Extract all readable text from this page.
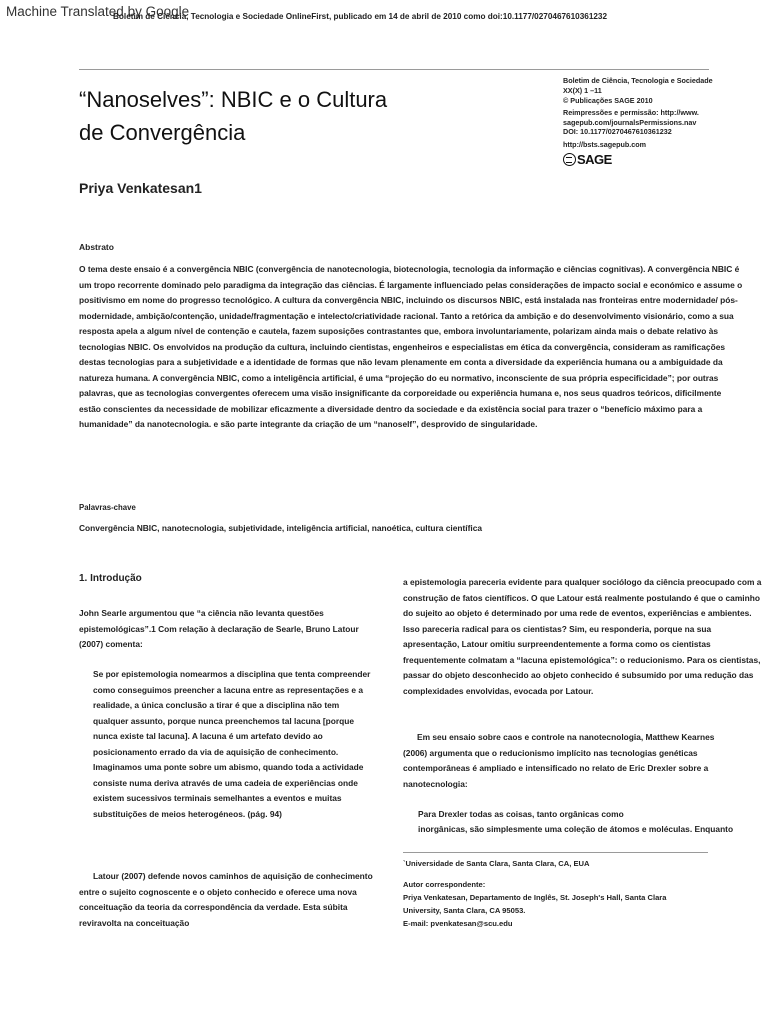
Machine Translated by Google
Boletim de Ciência, Tecnologia e Sociedade OnlineFirst, publicado em 14 de abril de 2010 como doi:10.1177/0270467610361232
“Nanoselves”: NBIC e o Cultura de Convergência
Priya Venkatesan1
Boletim de Ciência, Tecnologia e Sociedade
XX(X) 1 –11
© Publicações SAGE 2010
Reimpressões e permissão: http://www.
sagepub.com/journalsPermissions.nav
DOI: 10.1177/0270467610361232
http://bsts.sagepub.com
SAGE
Abstrato

O tema deste ensaio é a convergência NBIC (convergência de nanotecnologia, biotecnologia, tecnologia da informação e ciências cognitivas). A convergência NBIC é um tropo recorrente dominado pelo paradigma da integração das ciências. É largamente influenciado pelas considerações de impacto social e económico e assume o positivismo em nome do progresso tecnológico. A cultura da convergência NBIC, incluindo os discursos NBIC, está instalada nas fronteiras entre modernidade/ pós-modernidade, ambição/contenção, unidade/fragmentação e intelecto/criatividade racional. Tanto a retórica da ambição e do desenvolvimento visionário, como a sua resposta apela a algum nível de contenção e cautela, fazem suposições contrastantes que, embora involuntariamente, polarizam ainda mais o debate relativo às tecnologias NBIC. Os envolvidos na produção da cultura, incluindo cientistas, engenheiros e especialistas em ética da convergência, consideram as ramificações destas tecnologias para a subjetividade e a identidade de formas que não levam plenamente em conta a diversidade da experiência humana ou a ambiguidade da natureza humana. A convergência NBIC, como a inteligência artificial, é uma “projeção do eu normativo, inconsciente de sua própria especificidade”; por outras palavras, que as tecnologias convergentes oferecem uma visão insignificante da corporeidade ou experiência humana e, nos seus quadros teóricos, dificilmente estão conscientes da necessidade de mobilizar eficazmente a diversidade dentro da sociedade e da existência social para trazer o “benefício máximo para a humanidade” da nanotecnologia. e são parte integrante da criação de um “nanoself”, desprovido de singularidade.

Palavras-chave

Convergência NBIC, nanotecnologia, subjetividade, inteligência artificial, nanoética, cultura científica

1. Introdução

John Searle argumentou que “a ciência não levanta questões epistemológicas”.1 Com relação à declaração de Searle, Bruno Latour (2007) comenta:

Se por epistemologia nomearmos a disciplina que tenta compreender como conseguimos preencher a lacuna entre as representações e a realidade, a única conclusão a tirar é que a disciplina não tem qualquer assunto, porque nunca preenchemos tal lacuna [porque nunca existe tal lacuna]. A lacuna é um artefato devido ao posicionamento errado da via de aquisição de conhecimento. Imaginamos uma ponte sobre um abismo, quando toda a actividade consiste numa deriva através de uma cadeia de experiências onde existem sucessivos terminais semelhantes a eventos e muitas substituições de meios heterogéneos. (pág. 94)

Latour (2007) defende novos caminhos de aquisição de conhecimento entre o sujeito cognoscente e o objeto conhecido e oferece uma nova conceituação da teoria da correspondência da verdade. Esta súbita reviravolta na conceituação

a epistemologia pareceria evidente para qualquer sociólogo da ciência preocupado com a construção de fatos científicos. O que Latour está realmente postulando é que o caminho do sujeito ao objeto é determinado por uma rede de eventos, experiências e ambientes. Isso pareceria radical para os cientistas? Sim, eu responderia, porque na sua apresentação, Latour omitiu surpreendentemente a forma como os cientistas frequentemente colmatam a “lacuna epistemológica”: o reducionismo. Para os cientistas, passar do objeto desconhecido ao objeto conhecido é subsumido por uma redução das complexidades envolvidas, evocada por Latour.

Em seu ensaio sobre caos e controle na nanotecnologia, Matthew Kearnes (2006) argumenta que o reducionismo implícito nas tecnologias genéticas contemporâneas é ampliado e intensificado no relato de Eric Drexler sobre a nanotecnologia:

Para Drexler todas as coisas, tanto orgânicas como
inorgânicas, são simplesmente uma coleção de átomos e moléculas. Enquanto
`Universidade de Santa Clara, Santa Clara, CA, EUA
Autor correspondente:
Priya Venkatesan, Departamento de Inglês, St. Joseph's Hall, Santa Clara
University, Santa Clara, CA 95053.
E-mail: pvenkatesan@scu.edu
